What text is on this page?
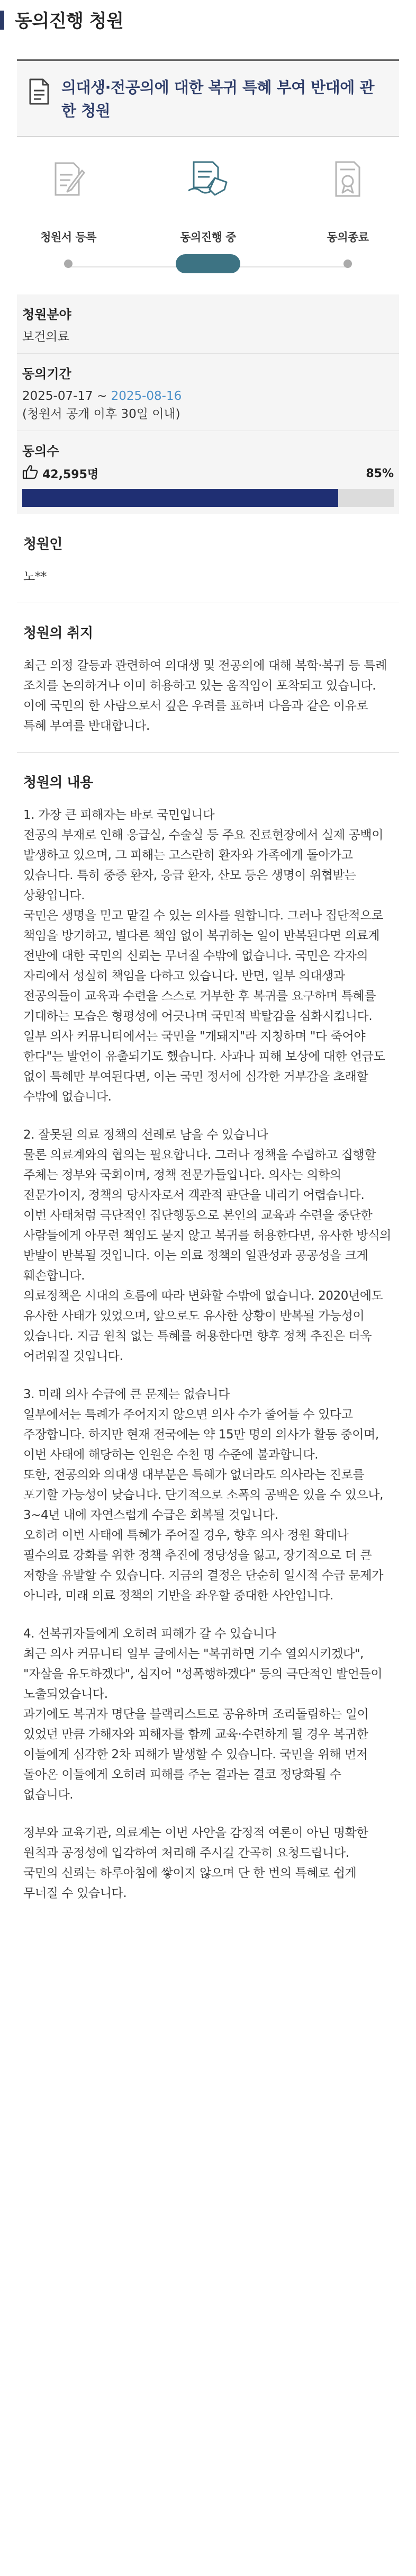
동의진행 청원
의대생·전공의에 대한 복귀 특혜 부여 반대에 관한 청원
청원서 등록	동의진행 중	동의종료
청원분야
보건의료
동의기간
2025-07-17 ~ 2025-08-16
(청원서 공개 이후 30일 이내)
동의수
42,595명	85%
청원인

노**

청원의 취지

최근 의정 갈등과 관련하여 의대생 및 전공의에 대해 복학·복귀 등 특례 조치를 논의하거나 이미 허용하고 있는 움직임이 포착되고 있습니다. 이에 국민의 한 사람으로서 깊은 우려를 표하며 다음과 같은 이유로 특혜 부여를 반대합니다.

청원의 내용

1. 가장 큰 피해자는 바로 국민입니다
전공의 부재로 인해 응급실, 수술실 등 주요 진료현장에서 실제 공백이 발생하고 있으며, 그 피해는 고스란히 환자와 가족에게 돌아가고 있습니다. 특히 중증 환자, 응급 환자, 산모 등은 생명이 위협받는 상황입니다.
국민은 생명을 믿고 맡길 수 있는 의사를 원합니다. 그러나 집단적으로 책임을 방기하고, 별다른 책임 없이 복귀하는 일이 반복된다면 의료계 전반에 대한 국민의 신뢰는 무너질 수밖에 없습니다. 국민은 각자의 자리에서 성실히 책임을 다하고 있습니다. 반면, 일부 의대생과 전공의들이 교육과 수련을 스스로 거부한 후 복귀를 요구하며 특혜를 기대하는 모습은 형평성에 어긋나며 국민적 박탈감을 심화시킵니다.
일부 의사 커뮤니티에서는 국민을 "개돼지"라 지칭하며 "다 죽어야 한다"는 발언이 유출되기도 했습니다. 사과나 피해 보상에 대한 언급도 없이 특혜만 부여된다면, 이는 국민 정서에 심각한 거부감을 초래할 수밖에 없습니다.

2. 잘못된 의료 정책의 선례로 남을 수 있습니다
물론 의료계와의 협의는 필요합니다. 그러나 정책을 수립하고 집행할 주체는 정부와 국회이며, 정책 전문가들입니다. 의사는 의학의 전문가이지, 정책의 당사자로서 객관적 판단을 내리기 어렵습니다.
이번 사태처럼 극단적인 집단행동으로 본인의 교육과 수련을 중단한 사람들에게 아무런 책임도 묻지 않고 복귀를 허용한다면, 유사한 방식의 반발이 반복될 것입니다. 이는 의료 정책의 일관성과 공공성을 크게 훼손합니다.
의료정책은 시대의 흐름에 따라 변화할 수밖에 없습니다. 2020년에도 유사한 사태가 있었으며, 앞으로도 유사한 상황이 반복될 가능성이 있습니다. 지금 원칙 없는 특혜를 허용한다면 향후 정책 추진은 더욱 어려워질 것입니다.

3. 미래 의사 수급에 큰 문제는 없습니다
일부에서는 특례가 주어지지 않으면 의사 수가 줄어들 수 있다고 주장합니다. 하지만 현재 전국에는 약 15만 명의 의사가 활동 중이며, 이번 사태에 해당하는 인원은 수천 명 수준에 불과합니다.
또한, 전공의와 의대생 대부분은 특혜가 없더라도 의사라는 진로를 포기할 가능성이 낮습니다. 단기적으로 소폭의 공백은 있을 수 있으나, 3~4년 내에 자연스럽게 수급은 회복될 것입니다.
오히려 이번 사태에 특혜가 주어질 경우, 향후 의사 정원 확대나 필수의료 강화를 위한 정책 추진에 정당성을 잃고, 장기적으로 더 큰 저항을 유발할 수 있습니다. 지금의 결정은 단순히 일시적 수급 문제가 아니라, 미래 의료 정책의 기반을 좌우할 중대한 사안입니다.

4. 선복귀자들에게 오히려 피해가 갈 수 있습니다
최근 의사 커뮤니티 일부 글에서는 "복귀하면 기수 열외시키겠다", "자살을 유도하겠다", 심지어 "성폭행하겠다" 등의 극단적인 발언들이 노출되었습니다.
과거에도 복귀자 명단을 블랙리스트로 공유하며 조리돌림하는 일이 있었던 만큼 가해자와 피해자를 함께 교육·수련하게 될 경우 복귀한 이들에게 심각한 2차 피해가 발생할 수 있습니다. 국민을 위해 먼저 돌아온 이들에게 오히려 피해를 주는 결과는 결코 정당화될 수 없습니다.

정부와 교육기관, 의료계는 이번 사안을 감정적 여론이 아닌 명확한 원칙과 공정성에 입각하여 처리해 주시길 간곡히 요청드립니다.
국민의 신뢰는 하루아침에 쌓이지 않으며 단 한 번의 특혜로 쉽게 무너질 수 있습니다.
